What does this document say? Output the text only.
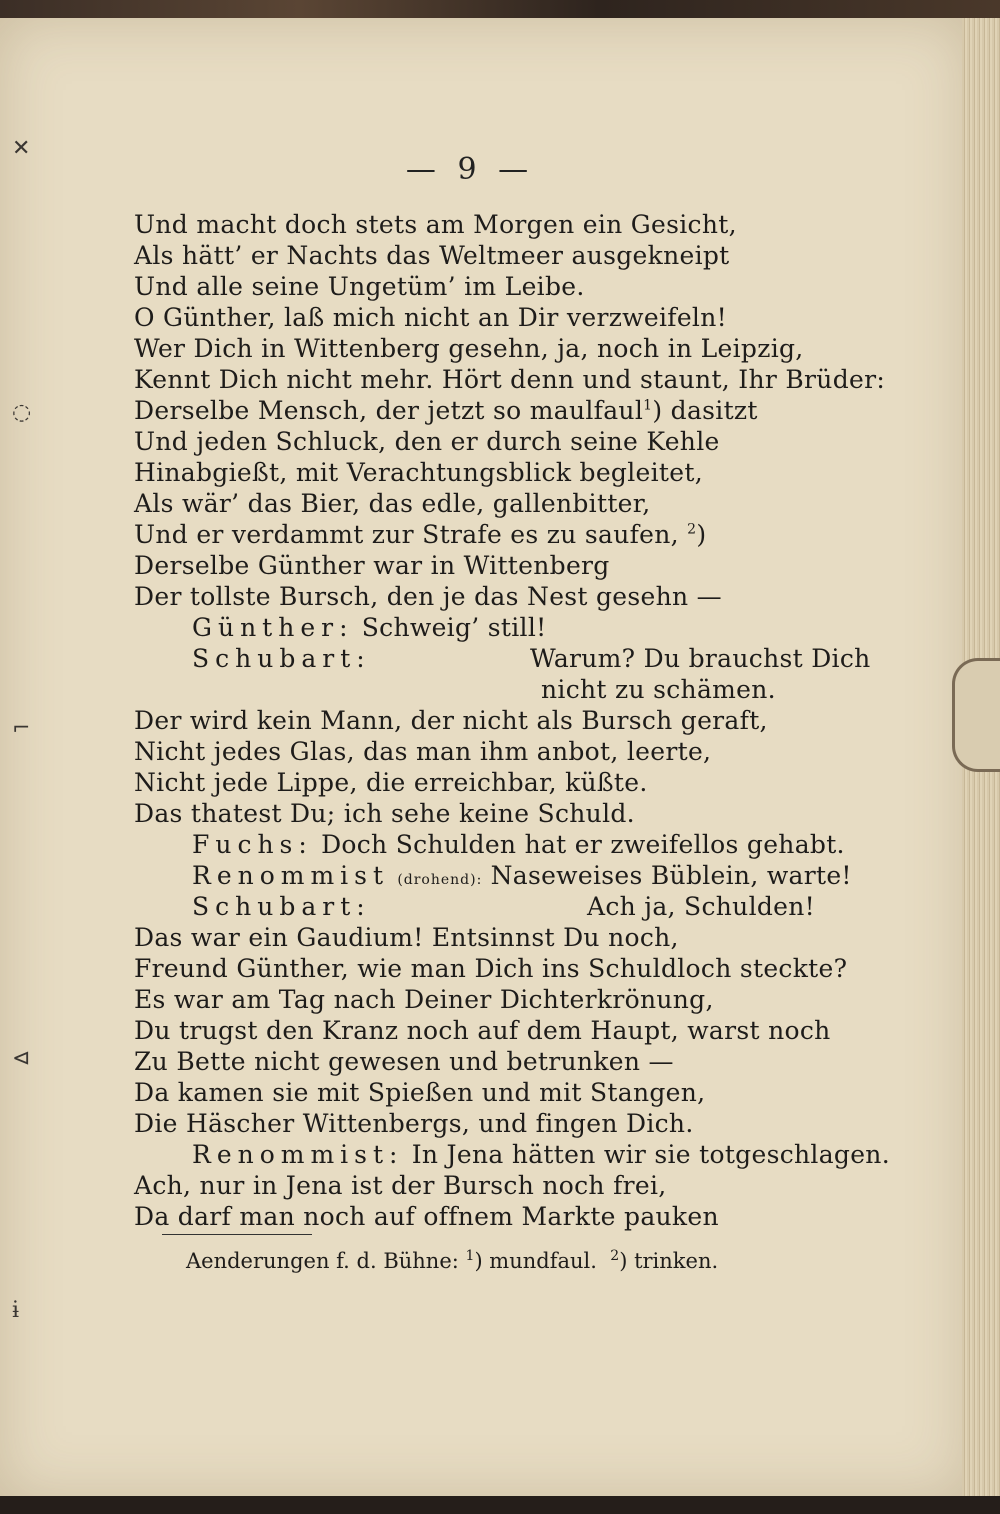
✕
◌
⌐
⊲
ɨ
— 9 —
Und macht doch stets am Morgen ein Gesicht,
Als hätt’ er Nachts das Weltmeer ausgekneipt
Und alle seine Ungetüm’ im Leibe.
O Günther, laß mich nicht an Dir verzweifeln!
Wer Dich in Wittenberg gesehn, ja, noch in Leipzig,
Kennt Dich nicht mehr. Hört denn und staunt, Ihr Brüder:
Derselbe Mensch, der jetzt so maulfaul$^1$) dasitzt
Und jeden Schluck, den er durch seine Kehle
Hinabgießt, mit Verachtungsblick begleitet,
Als wär’ das Bier, das edle, gallenbitter,
Und er verdammt zur Strafe es zu saufen, $^2$)
Derselbe Günther war in Wittenberg
Der tollste Bursch, den je das Nest gesehn —
Günther: Schweig’ still!
Schubart:	Warum? Du brauchst Dich
nicht zu schämen.
Der wird kein Mann, der nicht als Bursch geraft,
Nicht jedes Glas, das man ihm anbot, leerte,
Nicht jede Lippe, die erreichbar, küßte.
Das thatest Du; ich sehe keine Schuld.
Fuchs: Doch Schulden hat er zweifellos gehabt.
Renommist (drohend): Naseweises Büblein, warte!
Schubart:	Ach ja, Schulden!
Das war ein Gaudium! Entsinnst Du noch,
Freund Günther, wie man Dich ins Schuldloch steckte?
Es war am Tag nach Deiner Dichterkrönung,
Du trugst den Kranz noch auf dem Haupt, warst noch
Zu Bette nicht gewesen und betrunken —
Da kamen sie mit Spießen und mit Stangen,
Die Häscher Wittenbergs, und fingen Dich.
Renommist: In Jena hätten wir sie totgeschlagen.
Ach, nur in Jena ist der Bursch noch frei,
Da darf man noch auf offnem Markte pauken
Aenderungen f. d. Bühne: $^1$) mundfaul. $^2$) trinken.
